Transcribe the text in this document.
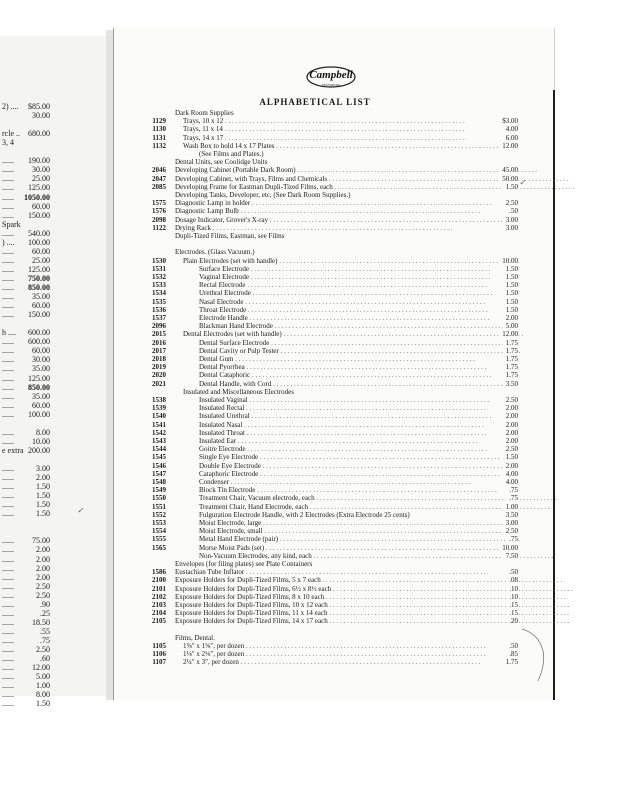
2) .... $85.00
30.00
rcle .. 680.00
3, 4
...... 190.00
...... 30.00
...... 25.00
...... 125.00
...... 1050.00
...... 60.00
...... 150.00
Spark
...... 540.00
) .... 100.00
...... 60.00
...... 25.00
...... 125.00
...... 750.00
...... 850.00
...... 35.00
...... 60.00
...... 150.00
h .... 600.00
...... 600.00
...... 60.00
...... 30.00
...... 35.00
...... 125.00
...... 850.00
...... 35.00
...... 60.00
...... 100.00
......	8.00
...... 10.00
e extra 200.00
......	3.00
......	2.00
......	1.50
......	1.50
......	1.50
......	1.50
...... 75.00
......	2.00
......	2.00
......	2.00
......	2.00
......	2.50
......	2.50
......	.90
......	.25
...... 18.50
......	.55
......	.75
......	2.50
......	.60
...... 12.00
......	5.00
......	1.00
......	8.00
......	1.50
Campbell
STRASBURG
ALPHABETICAL LIST
Dark Room Supplies
1129 Trays, 10 x 12 . . .	$3.00
1130 Trays, 11 x 14 . . .	4.00
1131 Trays, 14 x 17 . . .	6.00
1132 Wash Box to hold 14 x 17 Plates . . .	12.00
(See Films and Plates.)
Dental Units, see Coolidge Units
2046 Developing Cabinet (Portable Dark Room) . . .	45.00
2047 Developing Cabinet, with Trays, Films and Chemicals . . .	50.00
2085 Developing Frame for Eastman Dupli-Tized Films, each . . .	1.50
Developing Tanks, Developer, etc. (See Dark Room Supplies.)
1575 Diagnostic Lamp in holder . . .	2.50
1576 Diagnostic Lamp Bulb . . .	.50
2098 Dosage Indicator, Grover's X-ray . . .	3.00
1122 Drying Rack . . .	3.00
Dupli-Tized Films, Eastman, see Films
Electrodes. (Glass Vacuum.)
1530 Plain Electrodes (set with handle) . . .	10.00
1531	Surface Electrode . . .	1.50
1532	Vaginal Electrode . . .	1.50
1533	Rectal Electrode . . .	1.50
1534	Urethral Electrode . . .	1.50
1535	Nasal Electrode . . .	1.50
1536	Throat Electrode . . .	1.50
1537	Electrode Handle . . .	2.00
2096	Blackman Hand Electrode . . .	5.00
2015 Dental Electrodes (set with handle) . . .	12.00
2016	Dental Surface Electrode . . .	1.75
2017	Dental Cavity or Pulp Tester . . .	1.75
2018	Dental Gum . . .	1.75
2019	Dental Pyorrhea . . .	1.75
2020	Dental Cataphoric . . .	1.75
2021	Dental Handle, with Cord . . .	3.50
Insulated and Miscellaneous Electrodes
1538	Insulated Vaginal . . .	2.50
1539	Insulated Rectal . . .	2.00
1540	Insulated Urethral . . .	2.00
1541	Insulated Nasal . . .	2.00
1542	Insulated Throat . . .	2.00
1543	Insulated Ear . . .	2.00
1544	Goitre Electrode . . .	2.50
1545	Single Eye Electrode . . .	1.50
1546	Double Eye Electrode . . .	2.00
1547	Cataphoric Electrode . . .	4.00
1548	Condenser . . .	4.00
1549	Block Tin Electrode . . .	.75
1550	Treatment Chair, Vacuum electrode, each . . .	.75
1551	Treatment Chair, Hand Electrode, each . . .	1.00
1552	Fulguration Electrode Handle, with 2 Electrodes (Extra Electrode 25 cents)	3.50
1553	Moist Electrode, large . . .	3.00
1554	Moist Electrode, small . . .	2.50
1555	Metal Hand Electrode (pair) . . .	.75
1565	Morse Moist Pads (set) . . .	10.00
Non-Vacuum Electrodes, any kind, each . . .	7.50
Envelopes (for filing plates) see Plate Containers
1586 Eustachian Tube Inflator . . .	.50
2100 Exposure Holders for Dupli-Tized Films, 5 x 7 each . . .	.08
2101 Exposure Holders for Dupli-Tized Films, 6½ x 8½ each . . .	.10
2102 Exposure Holders for Dupli-Tized Films, 8 x 10 each . . .	.10
2103 Exposure Holders for Dupli-Tized Films, 10 x 12 each . . .	.15
2104 Exposure Holders for Dupli-Tized Films, 11 x 14 each . . .	.15
2105 Exposure Holders for Dupli-Tized Films, 14 x 17 each . . .	.20
Films, Dental.
1105 1⅝" x 1⅝", per dozen . . .	.50
1106 1⅛" x 2⅛", per dozen . . .	.85
1107 2¼" x 3", per dozen . . .	1.75
✓
✓
